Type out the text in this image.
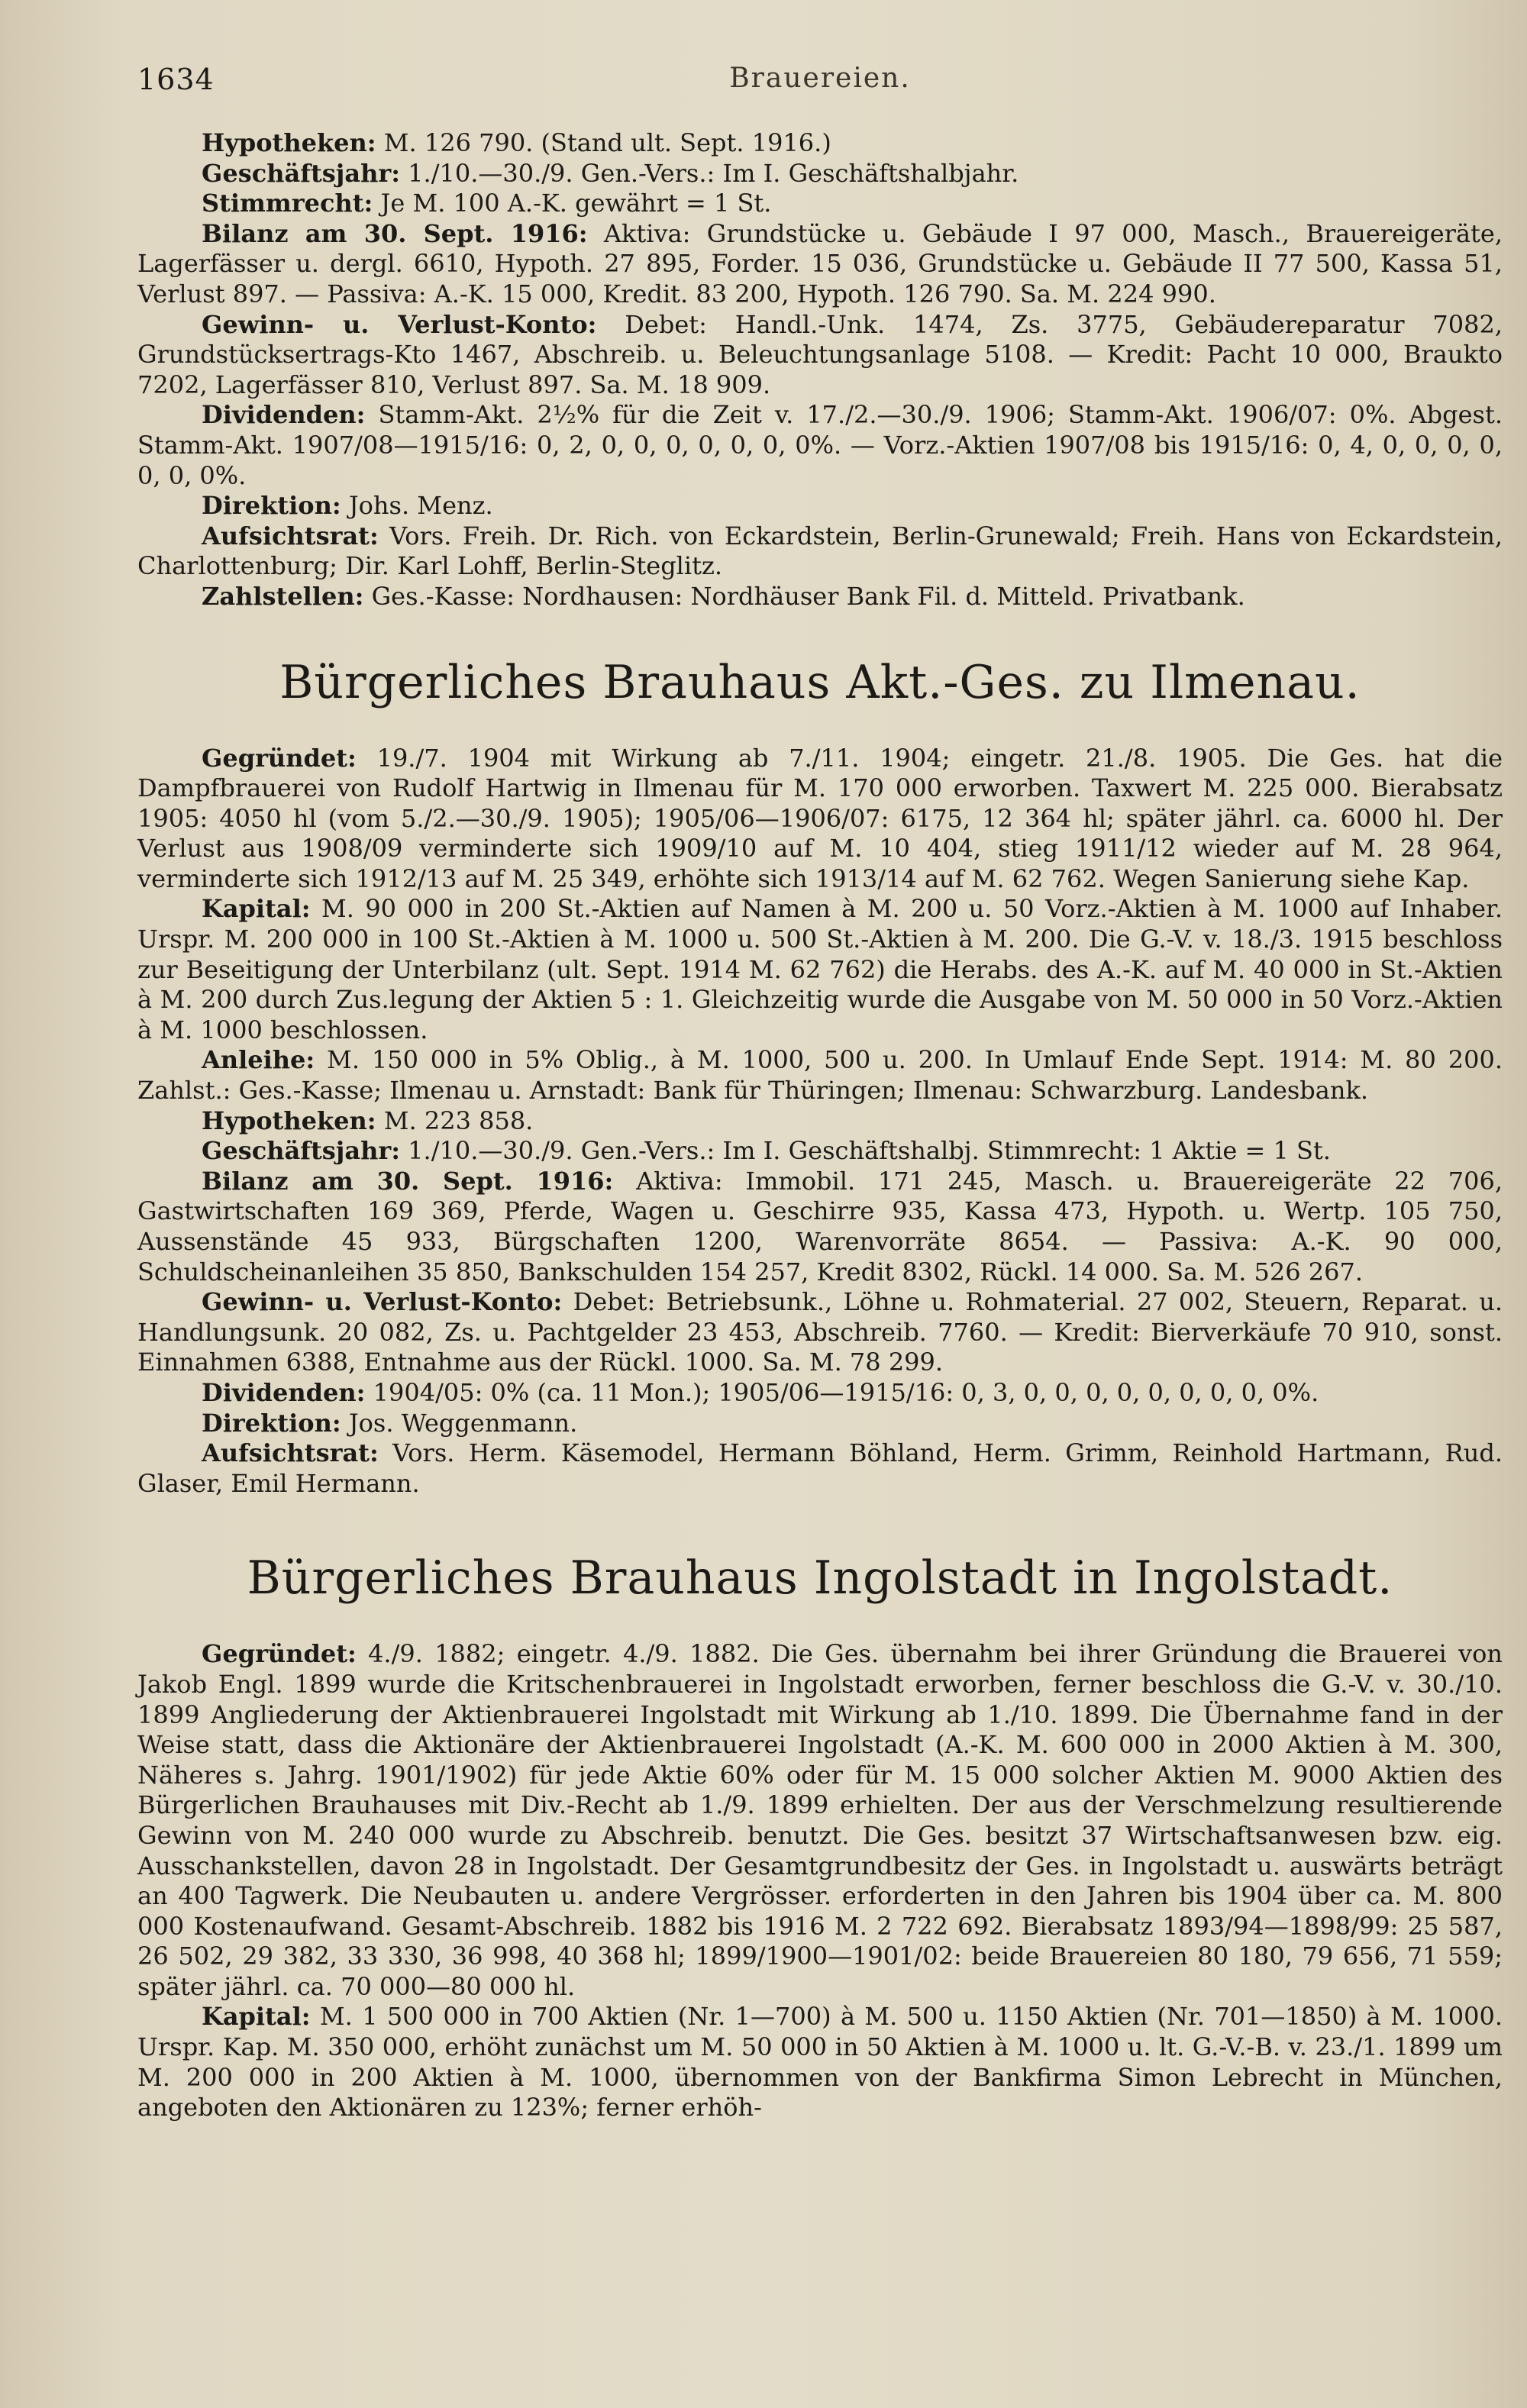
1634	Brauereien.

Hypotheken: M. 126 790. (Stand ult. Sept. 1916.)

Geschäftsjahr: 1./10.—30./9. Gen.-Vers.: Im I. Geschäftshalbjahr.

Stimmrecht: Je M. 100 A.-K. gewährt = 1 St.

Bilanz am 30. Sept. 1916: Aktiva: Grundstücke u. Gebäude I 97 000, Masch., Brauereigeräte, Lagerfässer u. dergl. 6610, Hypoth. 27 895, Forder. 15 036, Grundstücke u. Gebäude II 77 500, Kassa 51, Verlust 897. — Passiva: A.-K. 15 000, Kredit. 83 200, Hypoth. 126 790. Sa. M. 224 990.

Gewinn- u. Verlust-Konto: Debet: Handl.-Unk. 1474, Zs. 3775, Gebäudereparatur 7082, Grundstücksertrags-Kto 1467, Abschreib. u. Beleuchtungsanlage 5108. — Kredit: Pacht 10 000, Braukto 7202, Lagerfässer 810, Verlust 897. Sa. M. 18 909.

Dividenden: Stamm-Akt. 2½% für die Zeit v. 17./2.—30./9. 1906; Stamm-Akt. 1906/07: 0%. Abgest. Stamm-Akt. 1907/08—1915/16: 0, 2, 0, 0, 0, 0, 0, 0, 0%. — Vorz.-Aktien 1907/08 bis 1915/16: 0, 4, 0, 0, 0, 0, 0, 0, 0%.

Direktion: Johs. Menz.

Aufsichtsrat: Vors. Freih. Dr. Rich. von Eckardstein, Berlin-Grunewald; Freih. Hans von Eckardstein, Charlottenburg; Dir. Karl Lohff, Berlin-Steglitz.

Zahlstellen: Ges.-Kasse: Nordhausen: Nordhäuser Bank Fil. d. Mitteld. Privatbank.

Bürgerliches Brauhaus Akt.-Ges. zu Ilmenau.

Gegründet: 19./7. 1904 mit Wirkung ab 7./11. 1904; eingetr. 21./8. 1905. Die Ges. hat die Dampfbrauerei von Rudolf Hartwig in Ilmenau für M. 170 000 erworben. Taxwert M. 225 000. Bierabsatz 1905: 4050 hl (vom 5./2.—30./9. 1905); 1905/06—1906/07: 6175, 12 364 hl; später jährl. ca. 6000 hl. Der Verlust aus 1908/09 verminderte sich 1909/10 auf M. 10 404, stieg 1911/12 wieder auf M. 28 964, verminderte sich 1912/13 auf M. 25 349, erhöhte sich 1913/14 auf M. 62 762. Wegen Sanierung siehe Kap.

Kapital: M. 90 000 in 200 St.-Aktien auf Namen à M. 200 u. 50 Vorz.-Aktien à M. 1000 auf Inhaber. Urspr. M. 200 000 in 100 St.-Aktien à M. 1000 u. 500 St.-Aktien à M. 200. Die G.-V. v. 18./3. 1915 beschloss zur Beseitigung der Unterbilanz (ult. Sept. 1914 M. 62 762) die Herabs. des A.-K. auf M. 40 000 in St.-Aktien à M. 200 durch Zus.legung der Aktien 5 : 1. Gleichzeitig wurde die Ausgabe von M. 50 000 in 50 Vorz.-Aktien à M. 1000 beschlossen.

Anleihe: M. 150 000 in 5% Oblig., à M. 1000, 500 u. 200. In Umlauf Ende Sept. 1914: M. 80 200. Zahlst.: Ges.-Kasse; Ilmenau u. Arnstadt: Bank für Thüringen; Ilmenau: Schwarzburg. Landesbank.

Hypotheken: M. 223 858.

Geschäftsjahr: 1./10.—30./9. Gen.-Vers.: Im I. Geschäftshalbj. Stimmrecht: 1 Aktie = 1 St.

Bilanz am 30. Sept. 1916: Aktiva: Immobil. 171 245, Masch. u. Brauereigeräte 22 706, Gastwirtschaften 169 369, Pferde, Wagen u. Geschirre 935, Kassa 473, Hypoth. u. Wertp. 105 750, Aussenstände 45 933, Bürgschaften 1200, Warenvorräte 8654. — Passiva: A.-K. 90 000, Schuldscheinanleihen 35 850, Bankschulden 154 257, Kredit 8302, Rückl. 14 000. Sa. M. 526 267.

Gewinn- u. Verlust-Konto: Debet: Betriebsunk., Löhne u. Rohmaterial. 27 002, Steuern, Reparat. u. Handlungsunk. 20 082, Zs. u. Pachtgelder 23 453, Abschreib. 7760. — Kredit: Bierverkäufe 70 910, sonst. Einnahmen 6388, Entnahme aus der Rückl. 1000. Sa. M. 78 299.

Dividenden: 1904/05: 0% (ca. 11 Mon.); 1905/06—1915/16: 0, 3, 0, 0, 0, 0, 0, 0, 0, 0, 0%.

Direktion: Jos. Weggenmann.

Aufsichtsrat: Vors. Herm. Käsemodel, Hermann Böhland, Herm. Grimm, Reinhold Hartmann, Rud. Glaser, Emil Hermann.

Bürgerliches Brauhaus Ingolstadt in Ingolstadt.

Gegründet: 4./9. 1882; eingetr. 4./9. 1882. Die Ges. übernahm bei ihrer Gründung die Brauerei von Jakob Engl. 1899 wurde die Kritschenbrauerei in Ingolstadt erworben, ferner beschloss die G.-V. v. 30./10. 1899 Angliederung der Aktienbrauerei Ingolstadt mit Wirkung ab 1./10. 1899. Die Übernahme fand in der Weise statt, dass die Aktionäre der Aktienbrauerei Ingolstadt (A.-K. M. 600 000 in 2000 Aktien à M. 300, Näheres s. Jahrg. 1901/1902) für jede Aktie 60% oder für M. 15 000 solcher Aktien M. 9000 Aktien des Bürgerlichen Brauhauses mit Div.-Recht ab 1./9. 1899 erhielten. Der aus der Verschmelzung resultierende Gewinn von M. 240 000 wurde zu Abschreib. benutzt. Die Ges. besitzt 37 Wirtschaftsanwesen bzw. eig. Ausschankstellen, davon 28 in Ingolstadt. Der Gesamtgrundbesitz der Ges. in Ingolstadt u. auswärts beträgt an 400 Tagwerk. Die Neubauten u. andere Vergrösser. erforderten in den Jahren bis 1904 über ca. M. 800 000 Kostenaufwand. Gesamt-Abschreib. 1882 bis 1916 M. 2 722 692. Bierabsatz 1893/94—1898/99: 25 587, 26 502, 29 382, 33 330, 36 998, 40 368 hl; 1899/1900—1901/02: beide Brauereien 80 180, 79 656, 71 559; später jährl. ca. 70 000—80 000 hl.

Kapital: M. 1 500 000 in 700 Aktien (Nr. 1—700) à M. 500 u. 1150 Aktien (Nr. 701—1850) à M. 1000. Urspr. Kap. M. 350 000, erhöht zunächst um M. 50 000 in 50 Aktien à M. 1000 u. lt. G.-V.-B. v. 23./1. 1899 um M. 200 000 in 200 Aktien à M. 1000, übernommen von der Bankfirma Simon Lebrecht in München, angeboten den Aktionären zu 123%; ferner erhöh-
